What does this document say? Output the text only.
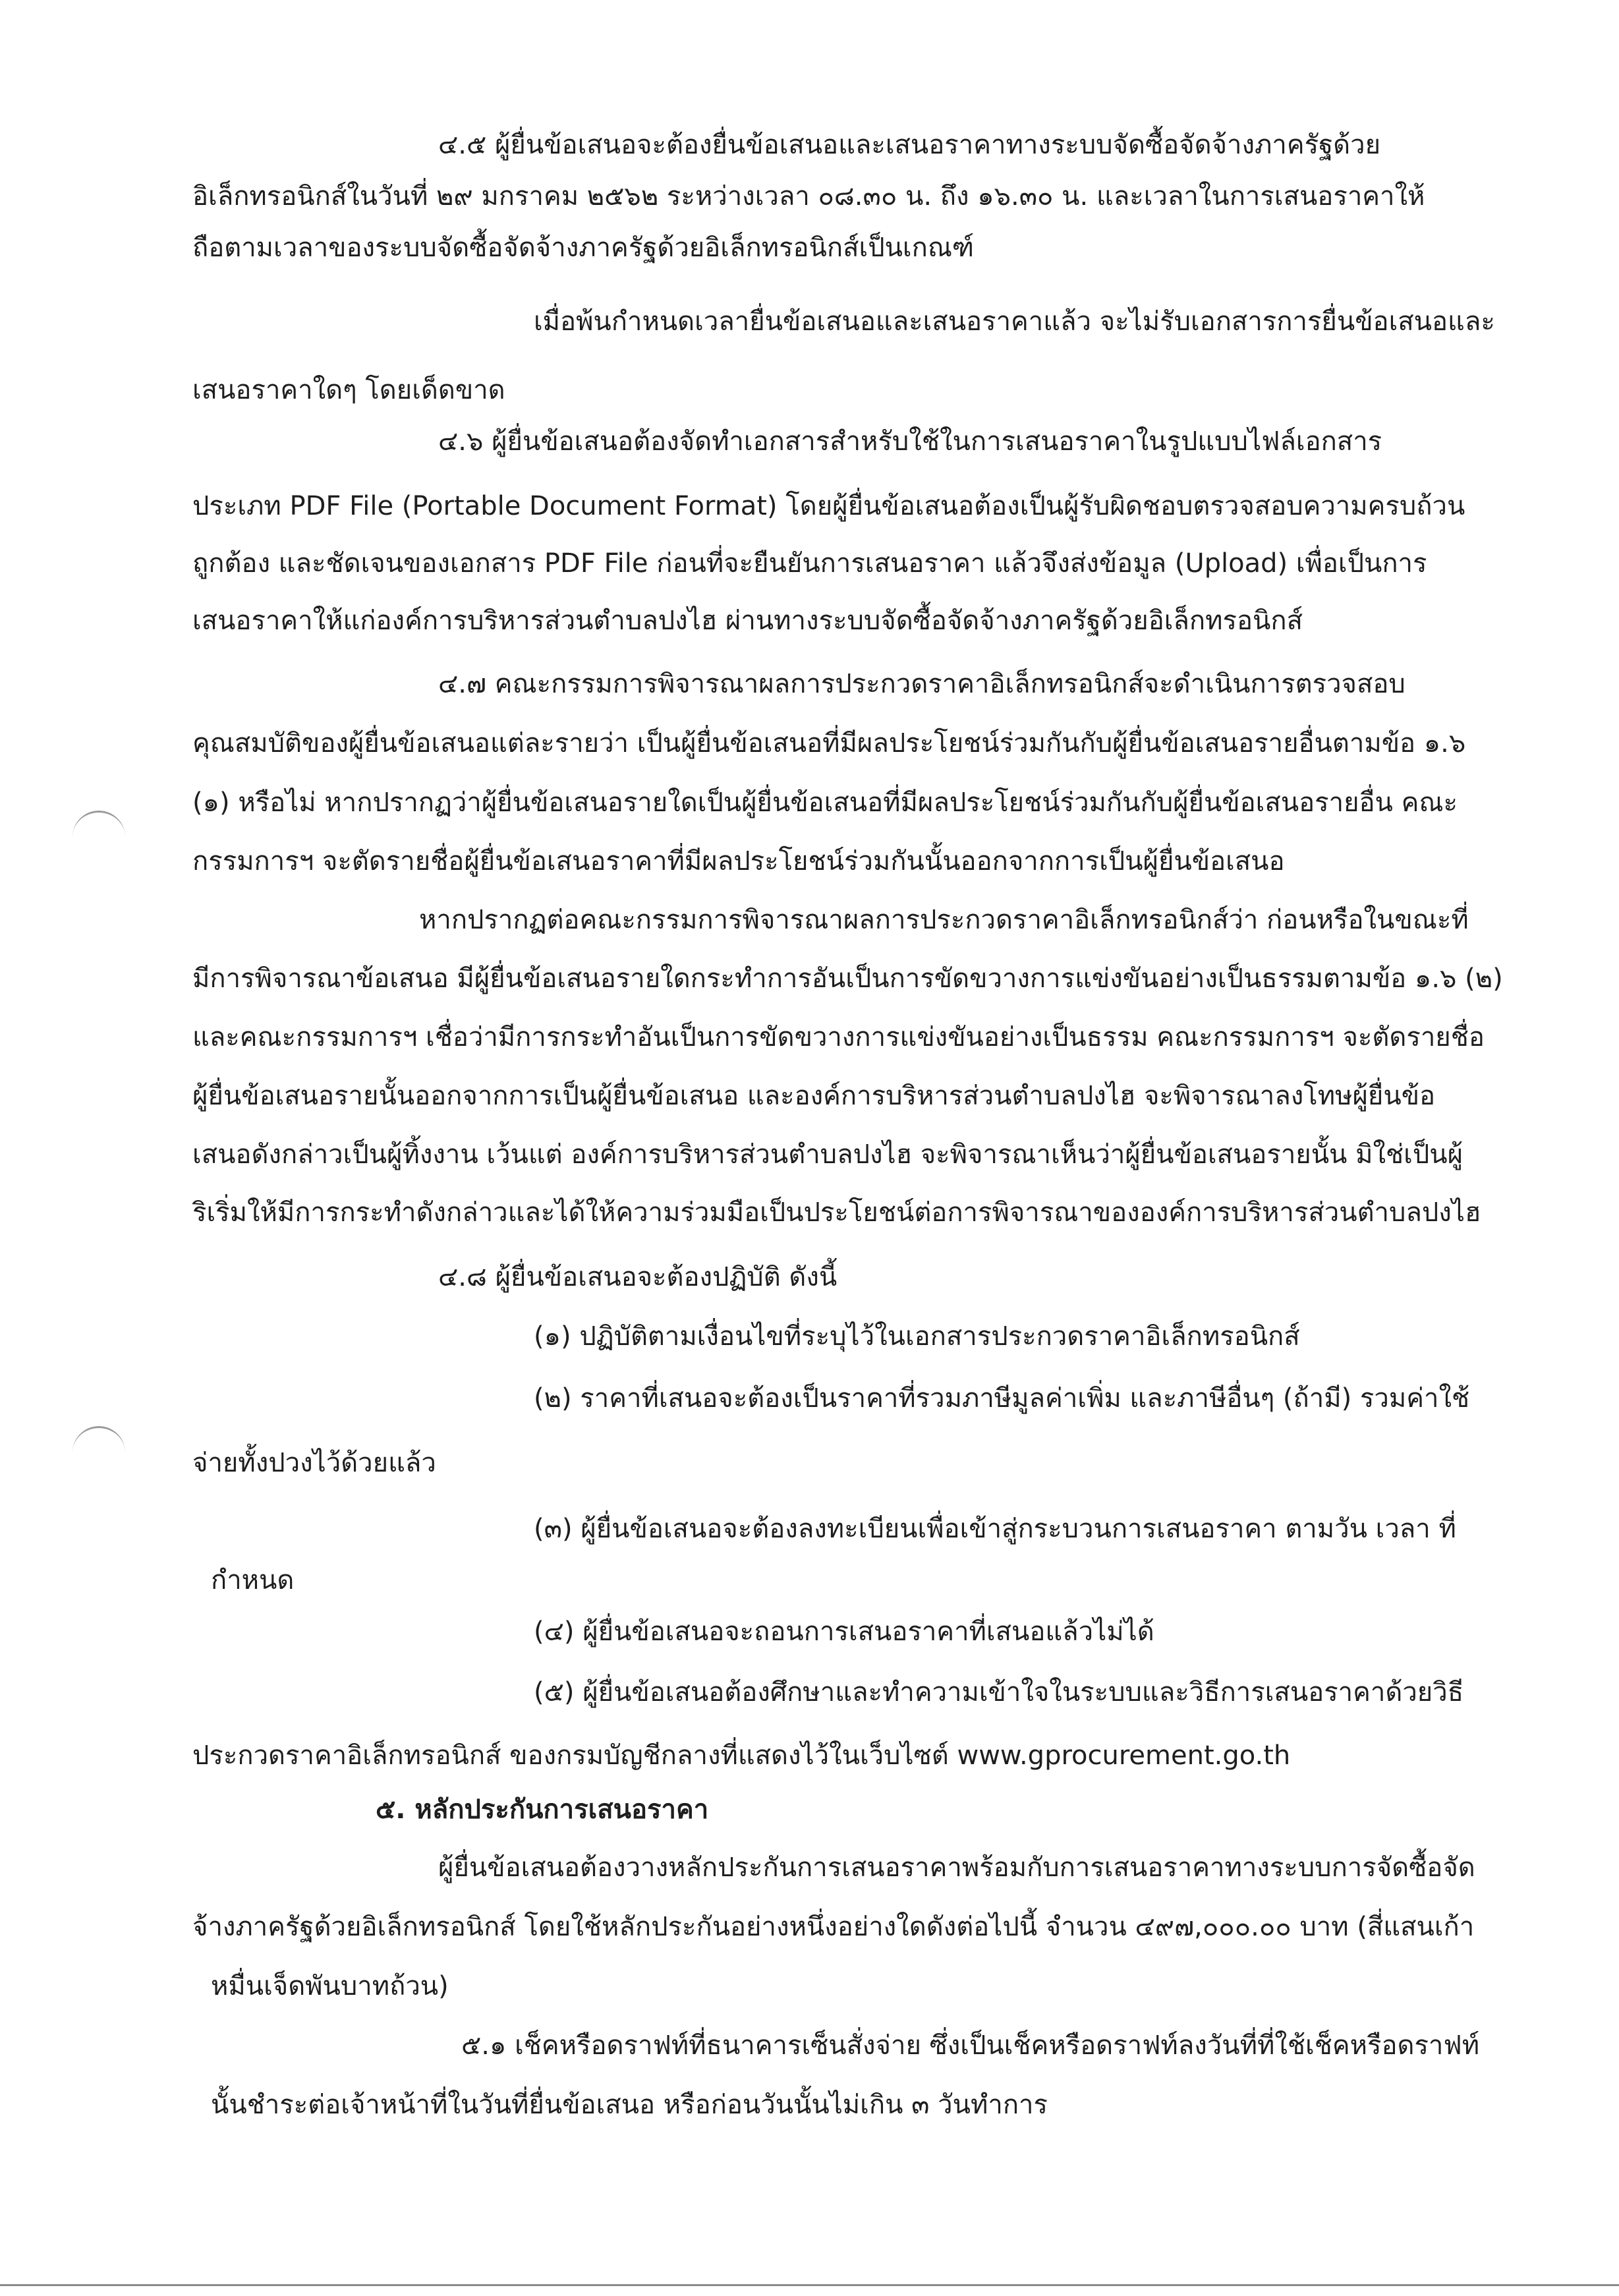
๔.๕ ผู้ยื่นข้อเสนอจะต้องยื่นข้อเสนอและเสนอราคาทางระบบจัดซื้อจัดจ้างภาครัฐด้วย
อิเล็กทรอนิกส์ในวันที่ ๒๙ มกราคม ๒๕๖๒ ระหว่างเวลา ๐๘.๓๐ น. ถึง ๑๖.๓๐ น. และเวลาในการเสนอราคาให้
ถือตามเวลาของระบบจัดซื้อจัดจ้างภาครัฐด้วยอิเล็กทรอนิกส์เป็นเกณฑ์
เมื่อพ้นกำหนดเวลายื่นข้อเสนอและเสนอราคาแล้ว จะไม่รับเอกสารการยื่นข้อเสนอและ
เสนอราคาใดๆ โดยเด็ดขาด
๔.๖ ผู้ยื่นข้อเสนอต้องจัดทำเอกสารสำหรับใช้ในการเสนอราคาในรูปแบบไฟล์เอกสาร
ประเภท PDF File (Portable Document Format) โดยผู้ยื่นข้อเสนอต้องเป็นผู้รับผิดชอบตรวจสอบความครบถ้วน
ถูกต้อง และชัดเจนของเอกสาร PDF File ก่อนที่จะยืนยันการเสนอราคา แล้วจึงส่งข้อมูล (Upload) เพื่อเป็นการ
เสนอราคาให้แก่องค์การบริหารส่วนตำบลปงไฮ ผ่านทางระบบจัดซื้อจัดจ้างภาครัฐด้วยอิเล็กทรอนิกส์
๔.๗ คณะกรรมการพิจารณาผลการประกวดราคาอิเล็กทรอนิกส์จะดำเนินการตรวจสอบ
คุณสมบัติของผู้ยื่นข้อเสนอแต่ละรายว่า เป็นผู้ยื่นข้อเสนอที่มีผลประโยชน์ร่วมกันกับผู้ยื่นข้อเสนอรายอื่นตามข้อ ๑.๖
(๑) หรือไม่ หากปรากฏว่าผู้ยื่นข้อเสนอรายใดเป็นผู้ยื่นข้อเสนอที่มีผลประโยชน์ร่วมกันกับผู้ยื่นข้อเสนอรายอื่น คณะ
กรรมการฯ จะตัดรายชื่อผู้ยื่นข้อเสนอราคาที่มีผลประโยชน์ร่วมกันนั้นออกจากการเป็นผู้ยื่นข้อเสนอ
หากปรากฏต่อคณะกรรมการพิจารณาผลการประกวดราคาอิเล็กทรอนิกส์ว่า ก่อนหรือในขณะที่
มีการพิจารณาข้อเสนอ มีผู้ยื่นข้อเสนอรายใดกระทำการอันเป็นการขัดขวางการแข่งขันอย่างเป็นธรรมตามข้อ ๑.๖ (๒)
และคณะกรรมการฯ เชื่อว่ามีการกระทำอันเป็นการขัดขวางการแข่งขันอย่างเป็นธรรม คณะกรรมการฯ จะตัดรายชื่อ
ผู้ยื่นข้อเสนอรายนั้นออกจากการเป็นผู้ยื่นข้อเสนอ และองค์การบริหารส่วนตำบลปงไฮ จะพิจารณาลงโทษผู้ยื่นข้อ
เสนอดังกล่าวเป็นผู้ทิ้งงาน เว้นแต่ องค์การบริหารส่วนตำบลปงไฮ จะพิจารณาเห็นว่าผู้ยื่นข้อเสนอรายนั้น มิใช่เป็นผู้
ริเริ่มให้มีการกระทำดังกล่าวและได้ให้ความร่วมมือเป็นประโยชน์ต่อการพิจารณาขององค์การบริหารส่วนตำบลปงไฮ
๔.๘ ผู้ยื่นข้อเสนอจะต้องปฏิบัติ ดังนี้
(๑) ปฏิบัติตามเงื่อนไขที่ระบุไว้ในเอกสารประกวดราคาอิเล็กทรอนิกส์
(๒) ราคาที่เสนอจะต้องเป็นราคาที่รวมภาษีมูลค่าเพิ่ม และภาษีอื่นๆ (ถ้ามี) รวมค่าใช้
จ่ายทั้งปวงไว้ด้วยแล้ว
(๓) ผู้ยื่นข้อเสนอจะต้องลงทะเบียนเพื่อเข้าสู่กระบวนการเสนอราคา ตามวัน เวลา ที่
กำหนด
(๔) ผู้ยื่นข้อเสนอจะถอนการเสนอราคาที่เสนอแล้วไม่ได้
(๕) ผู้ยื่นข้อเสนอต้องศึกษาและทำความเข้าใจในระบบและวิธีการเสนอราคาด้วยวิธี
ประกวดราคาอิเล็กทรอนิกส์ ของกรมบัญชีกลางที่แสดงไว้ในเว็บไซต์ www.gprocurement.go.th
๕. หลักประกันการเสนอราคา
ผู้ยื่นข้อเสนอต้องวางหลักประกันการเสนอราคาพร้อมกับการเสนอราคาทางระบบการจัดซื้อจัด
จ้างภาครัฐด้วยอิเล็กทรอนิกส์ โดยใช้หลักประกันอย่างหนึ่งอย่างใดดังต่อไปนี้ จำนวน ๔๙๗,๐๐๐.๐๐ บาท (สี่แสนเก้า
หมื่นเจ็ดพันบาทถ้วน)
๕.๑ เช็คหรือดราฟท์ที่ธนาคารเซ็นสั่งจ่าย ซึ่งเป็นเช็คหรือดราฟท์ลงวันที่ที่ใช้เช็คหรือดราฟท์
นั้นชำระต่อเจ้าหน้าที่ในวันที่ยื่นข้อเสนอ หรือก่อนวันนั้นไม่เกิน ๓ วันทำการ
